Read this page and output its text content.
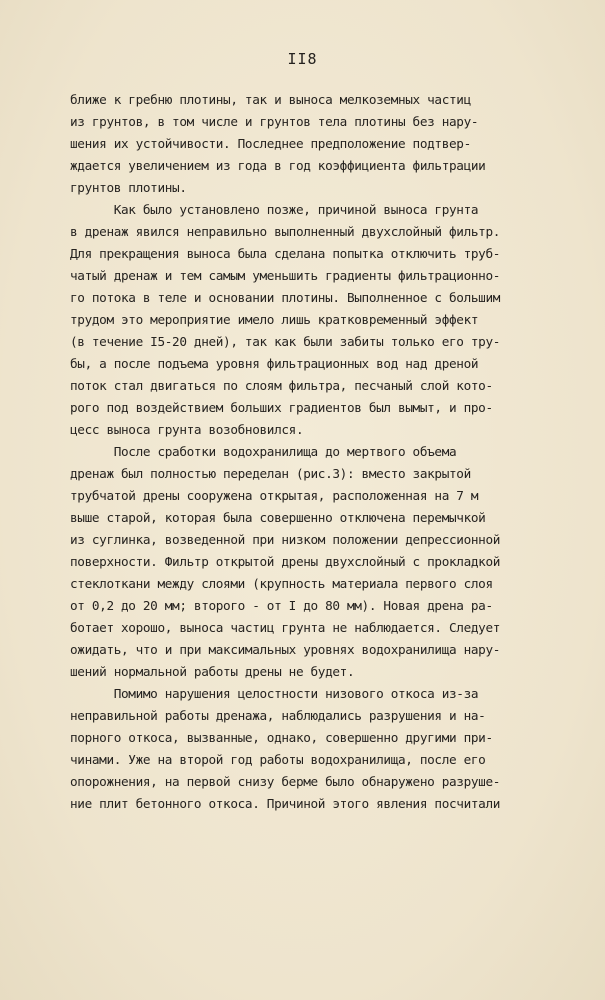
II8
ближе к гребню плотины, так и выноса мелкоземных частиц
из грунтов, в том числе и грунтов тела плотины без нару-
шения их устойчивости. Последнее предположение подтвер-
ждается увеличением из года в год коэффициента фильтрации
грунтов плотины.
Как было установлено позже, причиной выноса грунта
в дренаж явился неправильно выполненный двухслойный фильтр.
Для прекращения выноса была сделана попытка отключить труб-
чатый дренаж и тем самым уменьшить градиенты фильтрационно-
го потока в теле и основании плотины. Выполненное с большим
трудом это мероприятие имело лишь кратковременный эффект
(в течение I5-20 дней), так как были забиты только его тру-
бы, а после подъема уровня фильтрационных вод над дреной
поток стал двигаться по слоям фильтра, песчаный слой кото-
рого под воздействием больших градиентов был вымыт, и про-
цесс выноса грунта возобновился.
После сработки водохранилища до мертвого объема
дренаж был полностью переделан (рис.3): вместо закрытой
трубчатой дрены сооружена открытая, расположенная на 7 м
выше старой, которая была совершенно отключена перемычкой
из суглинка, возведенной при низком положении депрессионной
поверхности. Фильтр открытой дрены двухслойный с прокладкой
стеклоткани между слоями (крупность материала первого слоя
от 0,2 до 20 мм; второго - от I до 80 мм). Новая дрена ра-
ботает хорошо, выноса частиц грунта не наблюдается. Следует
ожидать, что и при максимальных уровнях водохранилища нару-
шений нормальной работы дрены не будет.
Помимо нарушения целостности низового откоса из-за
неправильной работы дренажа, наблюдались разрушения и на-
порного откоса, вызванные, однако, совершенно другими при-
чинами. Уже на второй год работы водохранилища, после его
опорожнения, на первой снизу берме было обнаружено разруше-
ние плит бетонного откоса. Причиной этого явления посчитали
